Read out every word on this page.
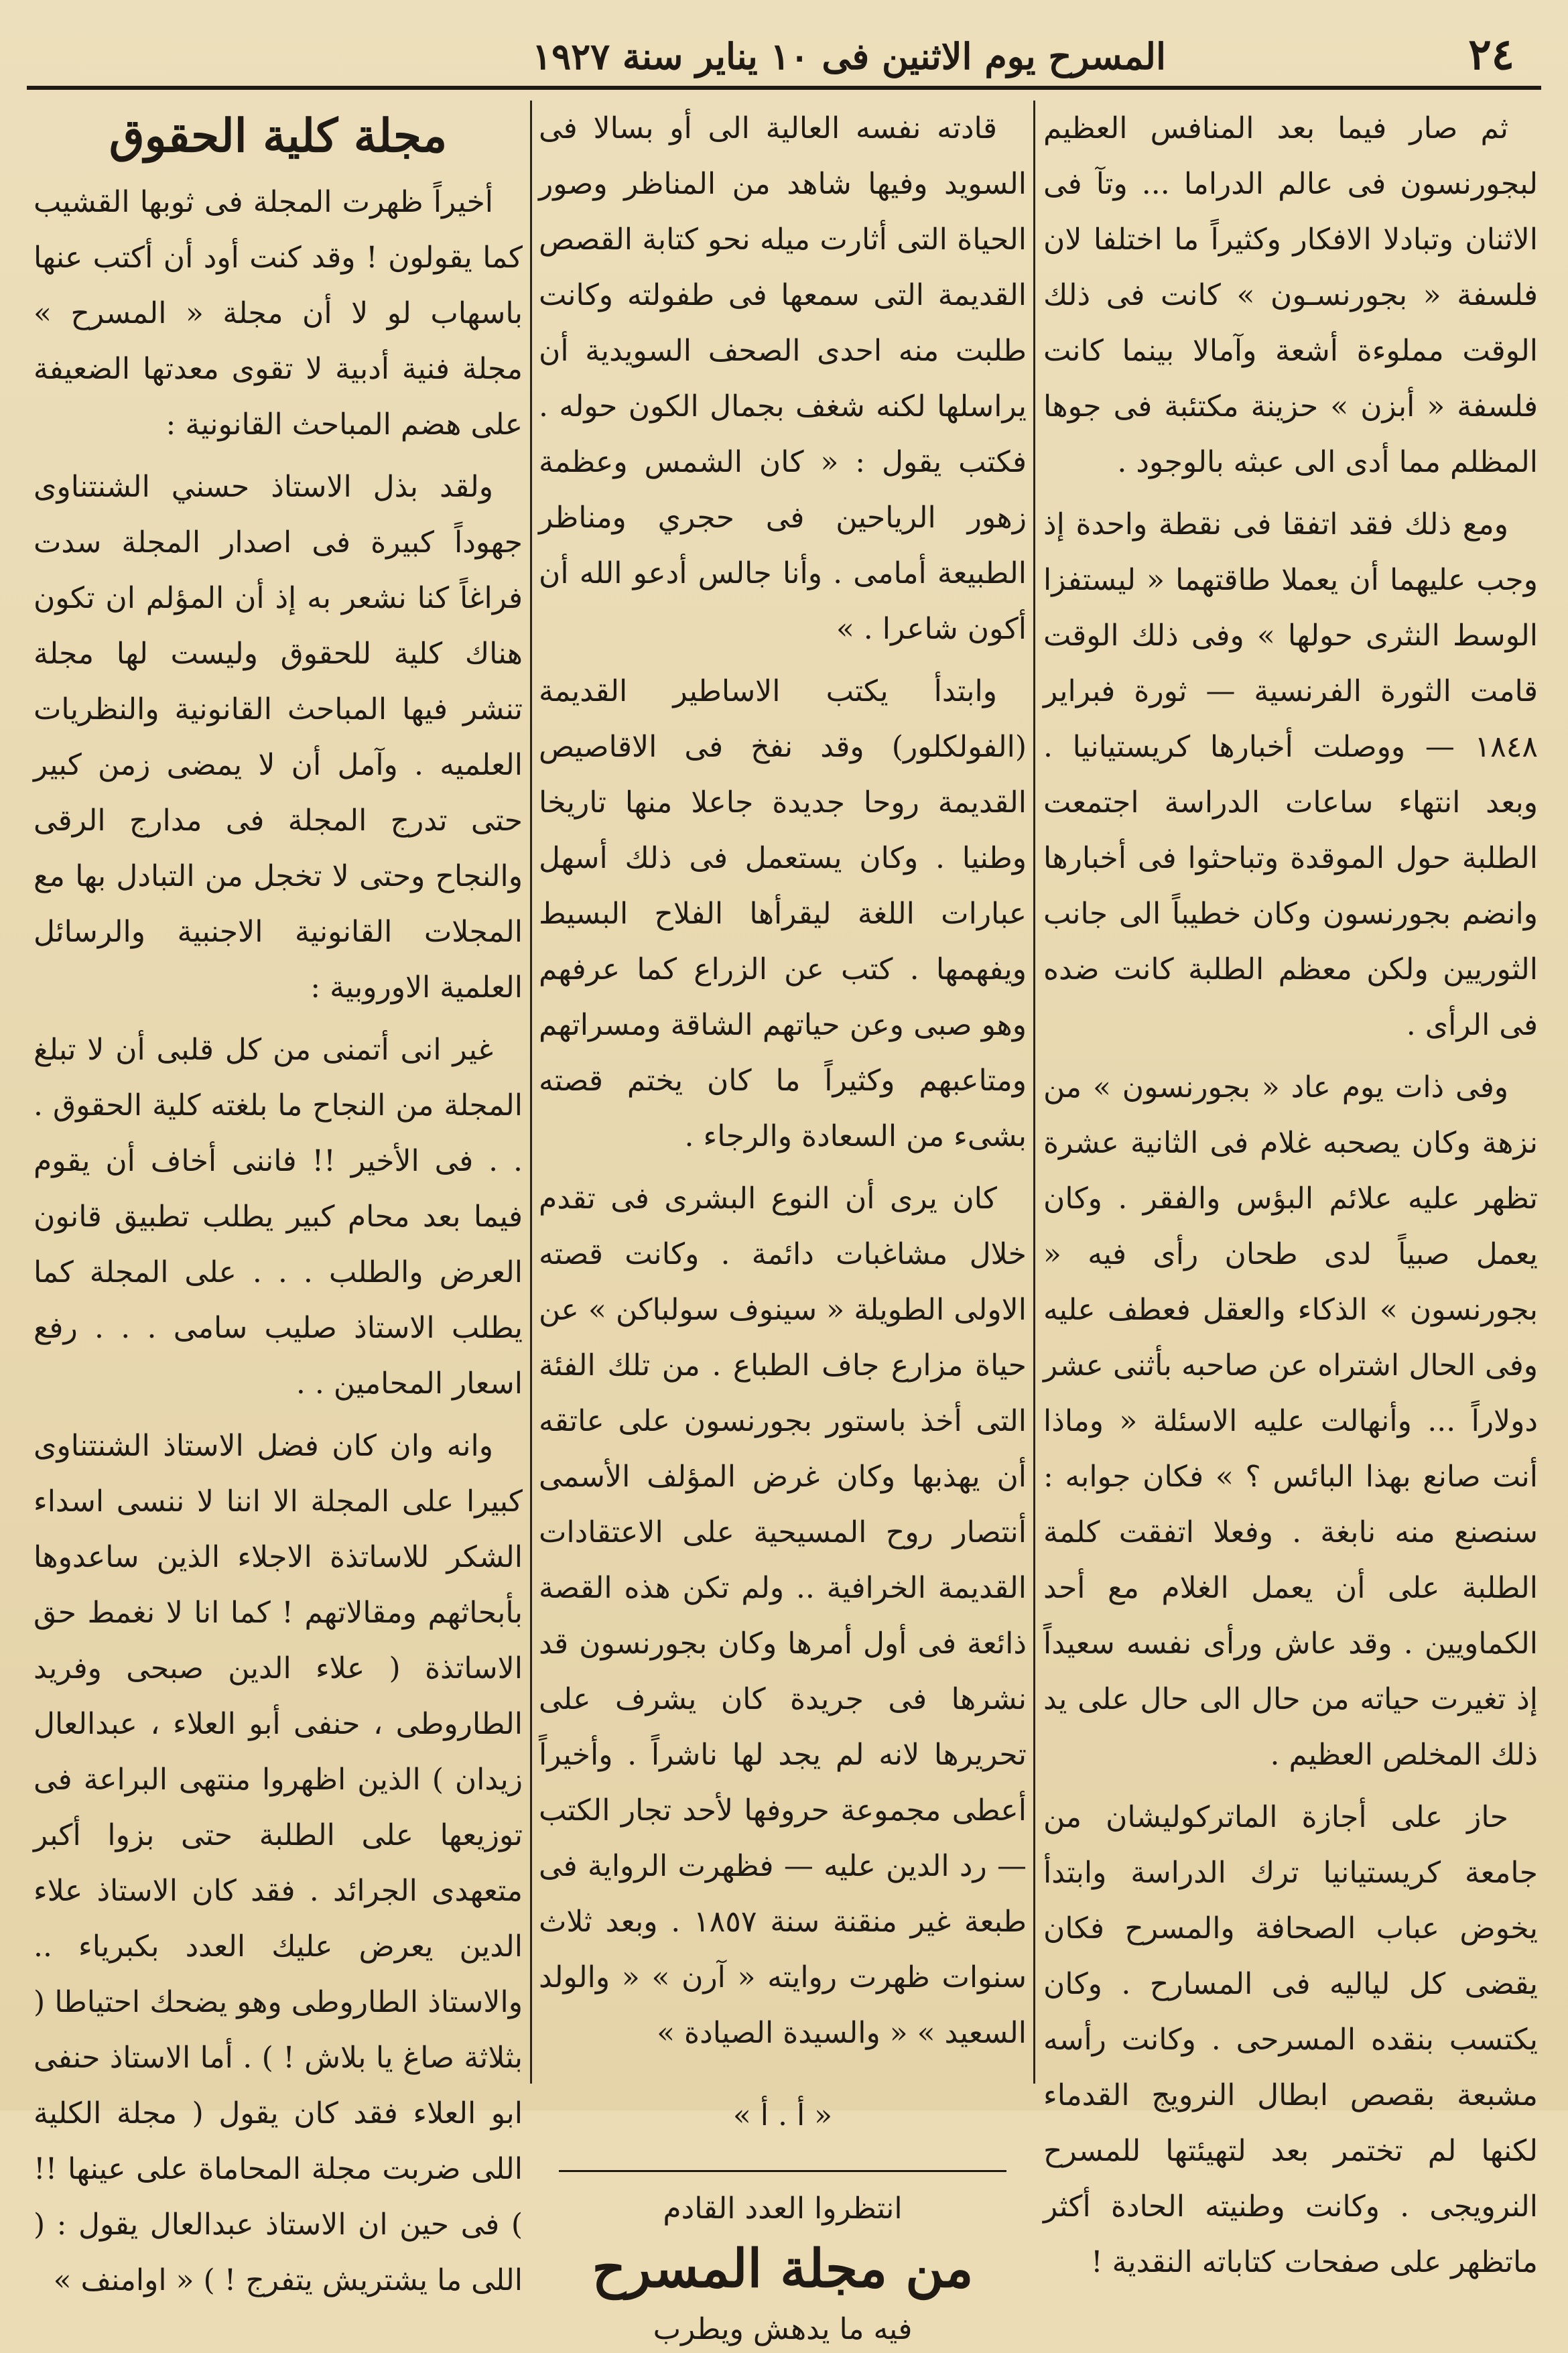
٢٤
المسرح يوم الاثنين فى ١٠ يناير سنة ١٩٢٧

ثم صار فيما بعد المنافس العظيم لبجورنسون فى عالم الدراما ... وتآ فى الاثنان وتبادلا الافكار وكثيراً ما اختلفا لان فلسفة « بجورنسـون » كانت فى ذلك الوقت مملوءة أشعة وآمالا بينما كانت فلسفة « أبزن » حزينة مكتئبة فى جوها المظلم مما أدى الى عبثه بالوجود .

ومع ذلك فقد اتفقا فى نقطة واحدة إذ وجب عليهما أن يعملا طاقتهما « ليستفزا الوسط النثرى حولها » وفى ذلك الوقت قامت الثورة الفرنسية — ثورة فبراير ١٨٤٨ — ووصلت أخبارها كريستيانيا . وبعد انتهاء ساعات الدراسة اجتمعت الطلبة حول الموقدة وتباحثوا فى أخبارها وانضم بجورنسون وكان خطيباً الى جانب الثوريين ولكن معظم الطلبة كانت ضده فى الرأى .

وفى ذات يوم عاد « بجورنسون » من نزهة وكان يصحبه غلام فى الثانية عشرة تظهر عليه علائم البؤس والفقر . وكان يعمل صبياً لدى طحان رأى فيه « بجورنسون » الذكاء والعقل فعطف عليه وفى الحال اشتراه عن صاحبه بأثنى عشر دولاراً ... وأنهالت عليه الاسئلة « وماذا أنت صانع بهذا البائس ؟ » فكان جوابه : سنصنع منه نابغة . وفعلا اتفقت كلمة الطلبة على أن يعمل الغلام مع أحد الكماويين . وقد عاش ورأى نفسه سعيداً إذ تغيرت حياته من حال الى حال على يد ذلك المخلص العظيم .

حاز على أجازة الماتركوليشان من جامعة كريستيانيا ترك الدراسة وابتدأ يخوض عباب الصحافة والمسرح فكان يقضى كل لياليه فى المسارح . وكان يكتسب بنقده المسرحى . وكانت رأسه مشبعة بقصص ابطال النرويج القدماء لكنها لم تختمر بعد لتهيئتها للمسرح النرويجى . وكانت وطنيته الحادة أكثر ماتظهر على صفحات كتاباته النقدية !

قادته نفسه العالية الى أو بسالا فى السويد وفيها شاهد من المناظر وصور الحياة التى أثارت ميله نحو كتابة القصص القديمة التى سمعها فى طفولته وكانت طلبت منه احدى الصحف السويدية أن يراسلها لكنه شغف بجمال الكون حوله . فكتب يقول : « كان الشمس وعظمة زهور الرياحين فى حجري ومناظر الطبيعة أمامى . وأنا جالس أدعو الله أن أكون شاعرا . »

وابتدأ يكتب الاساطير القديمة (الفولكلور) وقد نفخ فى الاقاصيص القديمة روحا جديدة جاعلا منها تاريخا وطنيا . وكان يستعمل فى ذلك أسهل عبارات اللغة ليقرأها الفلاح البسيط ويفهمها . كتب عن الزراع كما عرفهم وهو صبى وعن حياتهم الشاقة ومسراتهم ومتاعبهم وكثيراً ما كان يختم قصته بشىء من السعادة والرجاء .

كان يرى أن النوع البشرى فى تقدم خلال مشاغبات دائمة . وكانت قصته الاولى الطويلة « سينوف سولباكن » عن حياة مزارع جاف الطباع . من تلك الفئة التى أخذ باستور بجورنسون على عاتقه أن يهذبها وكان غرض المؤلف الأسمى أنتصار روح المسيحية على الاعتقادات القديمة الخرافية .. ولم تكن هذه القصة ذائعة فى أول أمرها وكان بجورنسون قد نشرها فى جريدة كان يشرف على تحريرها لانه لم يجد لها ناشراً . وأخيراً أعطى مجموعة حروفها لأحد تجار الكتب — رد الدين عليه — فظهرت الرواية فى طبعة غير منقنة سنة ١٨٥٧ . وبعد ثلاث سنوات ظهرت روايته « آرن » « والولد السعيد » « والسيدة الصيادة »

« أ . أ »
انتظروا العدد القادم
من مجلة المسرح
فيه ما يدهش ويطرب
مجلة كلية الحقوق

أخيراً ظهرت المجلة فى ثوبها القشيب كما يقولون ! وقد كنت أود أن أكتب عنها باسهاب لو لا أن مجلة « المسرح » مجلة فنية أدبية لا تقوى معدتها الضعيفة على هضم المباحث القانونية :

ولقد بذل الاستاذ حسني الشنتناوى جهوداً كبيرة فى اصدار المجلة سدت فراغاً كنا نشعر به إذ أن المؤلم ان تكون هناك كلية للحقوق وليست لها مجلة تنشر فيها المباحث القانونية والنظريات العلميه . وآمل أن لا يمضى زمن كبير حتى تدرج المجلة فى مدارج الرقى والنجاح وحتى لا تخجل من التبادل بها مع المجلات القانونية الاجنبية والرسائل العلمية الاوروبية :

غير انى أتمنى من كل قلبى أن لا تبلغ المجلة من النجاح ما بلغته كلية الحقوق . . . فى الأخير !! فاننى أخاف أن يقوم فيما بعد محام كبير يطلب تطبيق قانون العرض والطلب . . . على المجلة كما يطلب الاستاذ صليب سامى . . . رفع اسعار المحامين . .

وانه وان كان فضل الاستاذ الشنتناوى كبيرا على المجلة الا اننا لا ننسى اسداء الشكر للاساتذة الاجلاء الذين ساعدوها بأبحاثهم ومقالاتهم ! كما انا لا نغمط حق الاساتذة ( علاء الدين صبحى وفريد الطاروطى ، حنفى أبو العلاء ، عبدالعال زيدان ) الذين اظهروا منتهى البراعة فى توزيعها على الطلبة حتى بزوا أكبر متعهدى الجرائد . فقد كان الاستاذ علاء الدين يعرض عليك العدد بكبرياء .. والاستاذ الطاروطى وهو يضحك احتياطا ( بثلاثة صاغ يا بلاش ! ) . أما الاستاذ حنفى ابو العلاء فقد كان يقول ( مجلة الكلية اللى ضربت مجلة المحاماة على عينها !! ) فى حين ان الاستاذ عبدالعال يقول : ( اللى ما يشتريش يتفرج ! ) « اوامنف »
